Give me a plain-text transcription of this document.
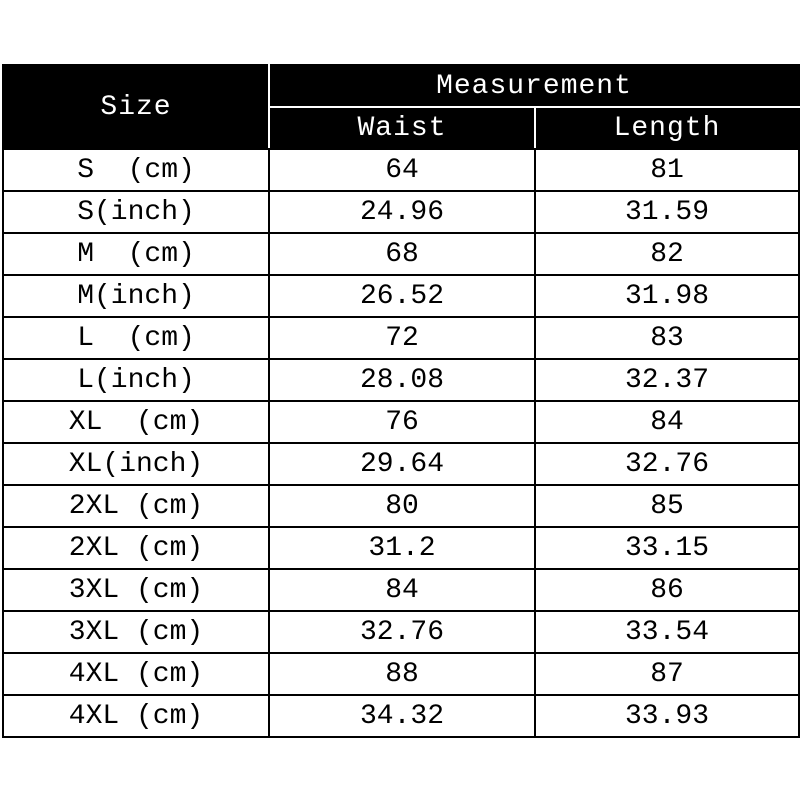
Size	Measurement	
	Waist	Length
S  (cm)	64	81
S(inch)	24.96	31.59
M  (cm)	68	82
M(inch)	26.52	31.98
L  (cm)	72	83
L(inch)	28.08	32.37
XL  (cm)	76	84
XL(inch)	29.64	32.76
2XL (cm)	80	85
2XL (cm)	31.2	33.15
3XL (cm)	84	86
3XL (cm)	32.76	33.54
4XL (cm)	88	87
4XL (cm)	34.32	33.93
